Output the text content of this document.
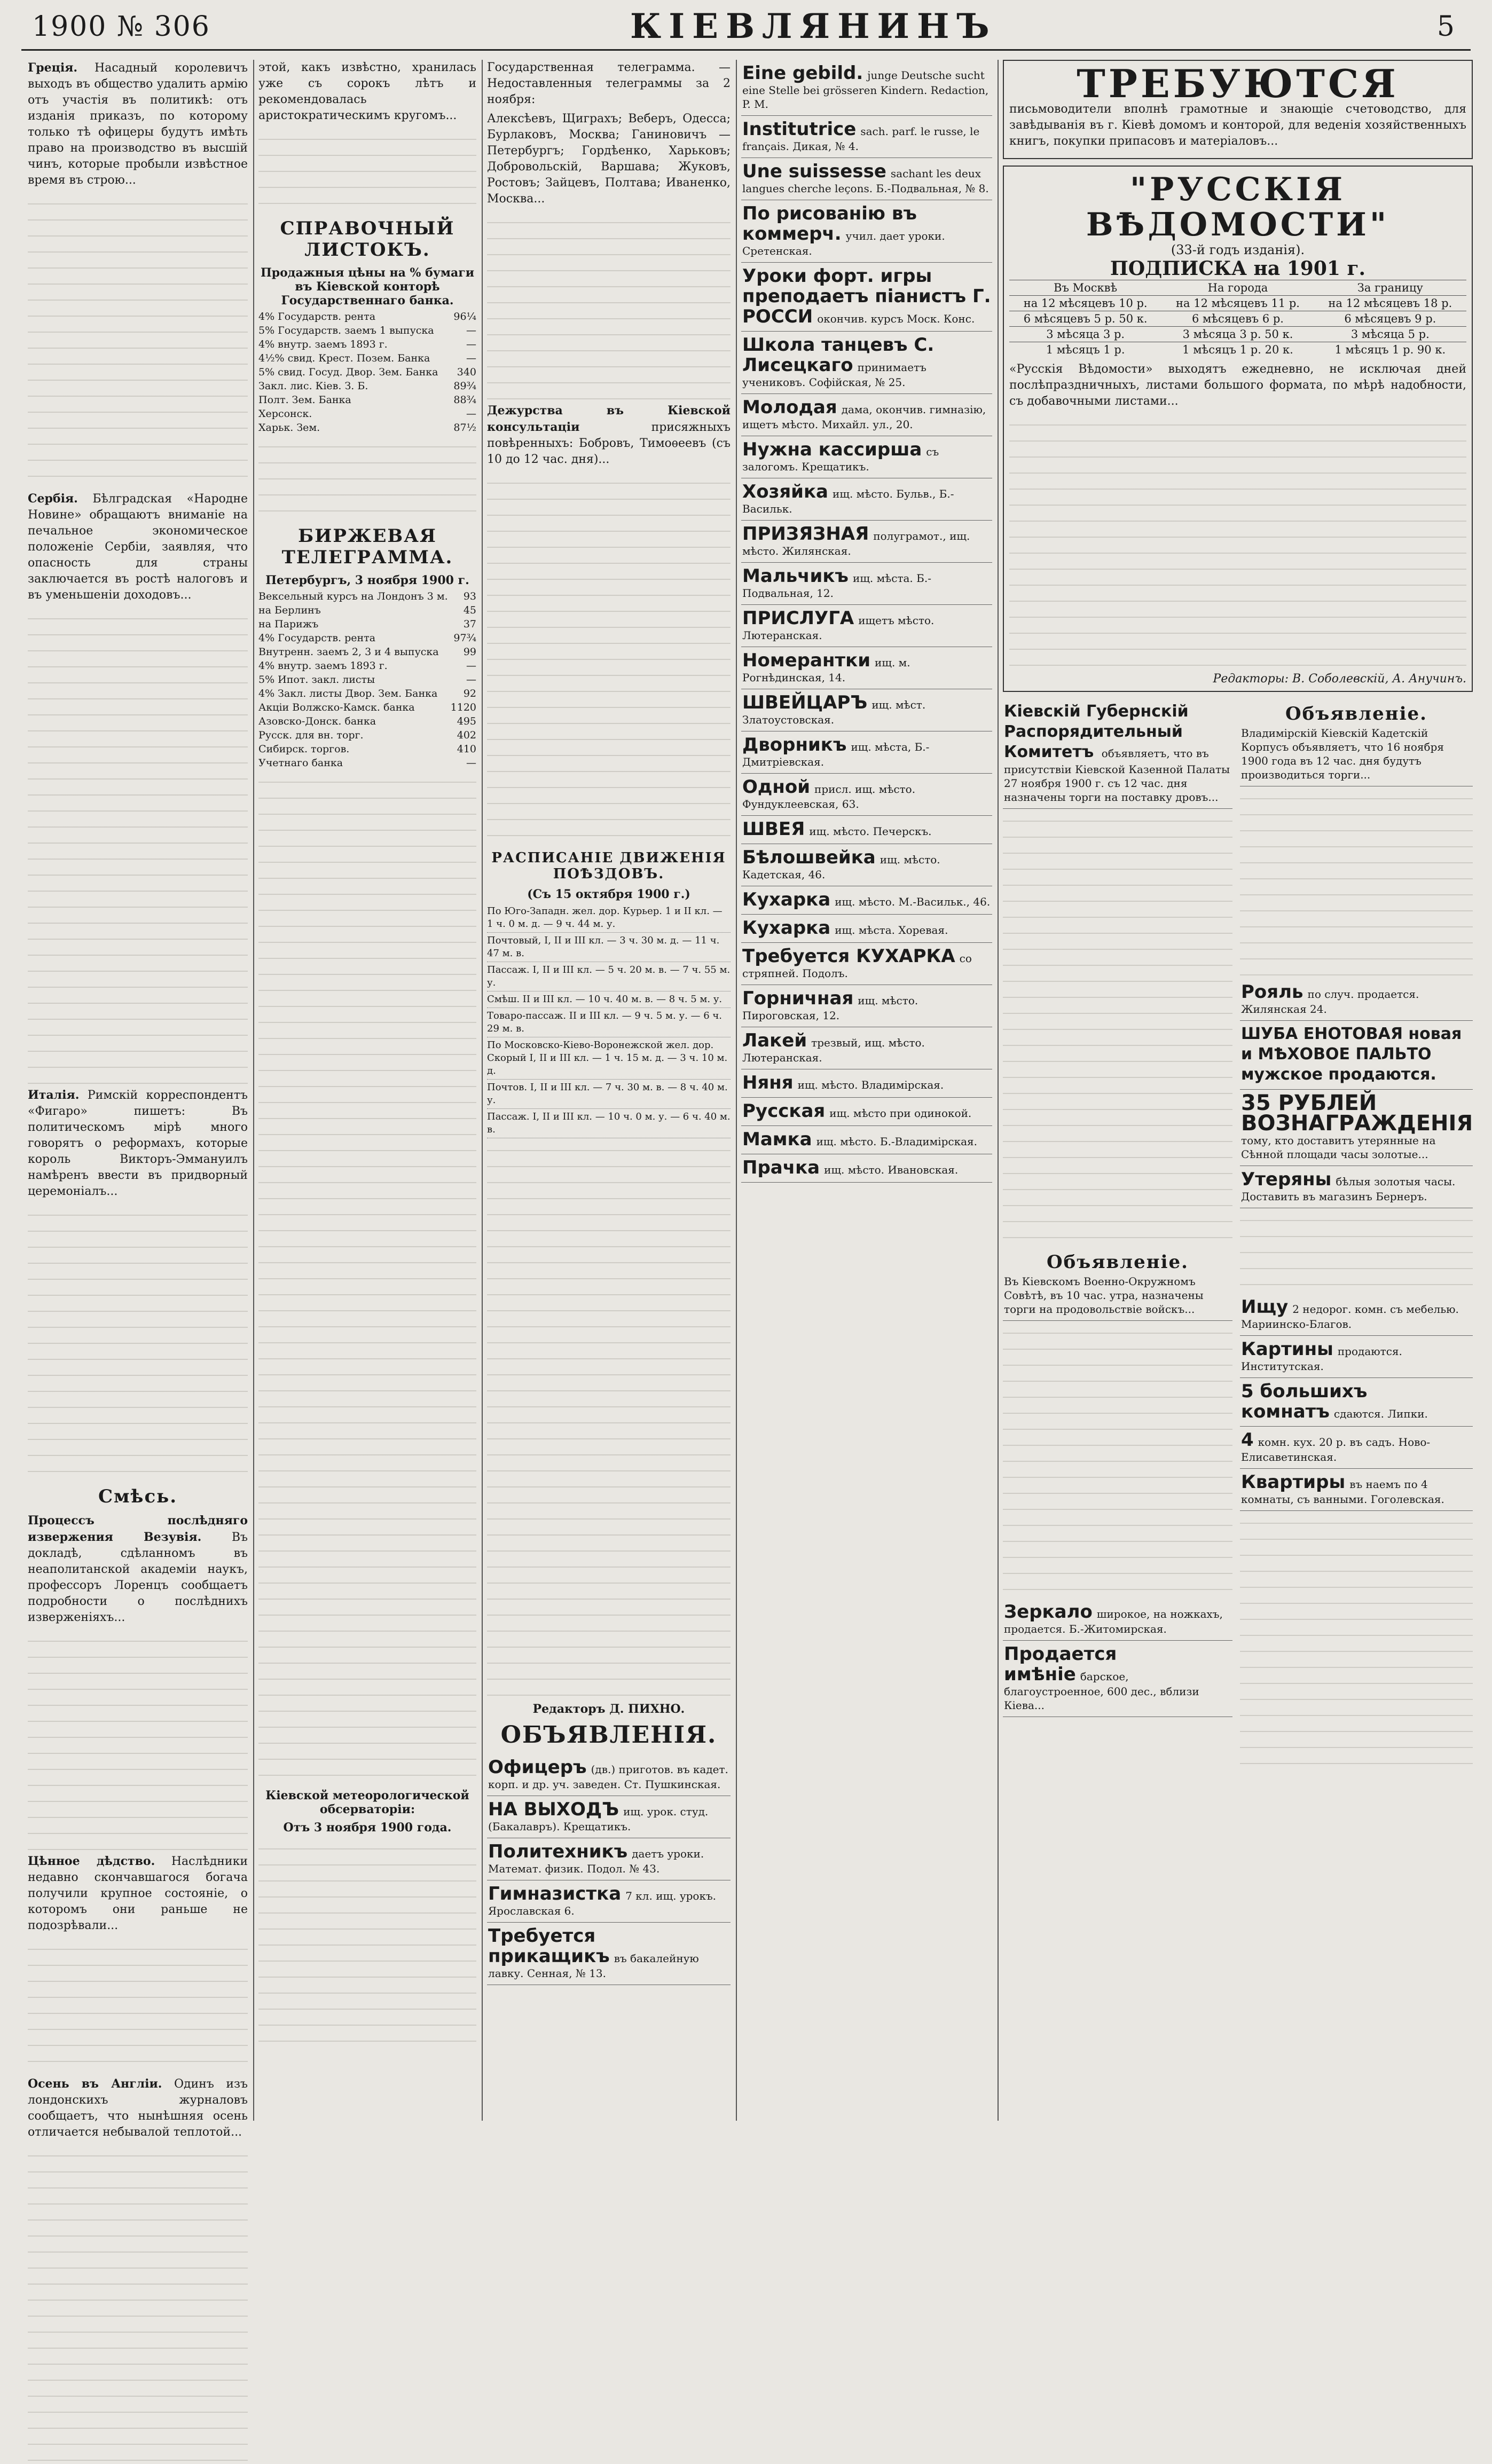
1900 № 306	КІЕВЛЯНИНЪ	5

Греція. Насадный королевичъ выходъ въ общество удалить армію отъ участія въ политикѣ: отъ изданія приказъ, по которому только тѣ офицеры будутъ имѣть право на производство въ высшій чинъ, которые пробыли извѣстное время въ строю...

Сербія. Бѣлградская «Народне Новине» обращаютъ вниманіе на печальное экономическое положеніе Сербіи, заявляя, что опасность для страны заключается въ ростѣ налоговъ и въ уменьшеніи доходовъ...

Италія. Римскій корреспондентъ «Фигаро» пишетъ: Въ политическомъ мірѣ много говорятъ о реформахъ, которые король Викторъ-Эммануилъ намѣренъ ввести въ придворный церемоніалъ...

Смѣсь.

Процессъ послѣдняго извержения Везувія.	Въ докладѣ, сдѣланномъ въ неаполитанской академіи наукъ, профессоръ Лоренцъ сообщаетъ подробности о послѣднихъ изверженіяхъ...

Цѣнное дѣдство. Наслѣдники недавно скончавшагося богача получили крупное состояніе, о которомъ они раньше не подозрѣвали...

Осень въ Англіи. Одинъ изъ лондонскихъ журналовъ сообщаетъ, что нынѣшняя осень отличается небывалой теплотой...

этой, какъ извѣстно, хранилась уже съ сорокъ лѣтъ и рекомендовалась аристократическимъ кругомъ...

СПРАВОЧНЫЙ ЛИСТОКЪ.
Продажныя цѣны на % бумаги въ Кіевской конторѣ Государственнаго банка.
4% Государств. рента	96¼
5% Государств. заемъ 1 выпуска	—
4% внутр. заемъ 1893 г.	—
4½% свид. Крест. Позем. Банка	—
5% свид. Госуд. Двор. Зем. Банка	340
Закл. лис. Кіев. З. Б.	89¾
Полт. Зем. Банка	88¾
Херсонск.	—
Харьк. Зем.	87½
БИРЖЕВАЯ ТЕЛЕГРАММА.
Петербургъ, 3 ноября 1900 г.
Вексельный курсъ на Лондонъ 3 м.	93
на Берлинъ	45
на Парижъ	37
4% Государств. рента	97¾
Внутренн. заемъ 2, 3 и 4 выпуска	99
4% внутр. заемъ 1893 г.	—
5% Ипот. закл. листы	—
4% Закл. листы Двор. Зем. Банка	92
Акціи Волжско-Камск. банка	1120
Азовско-Донск. банка	495
Русск. для вн. торг.	402
Сибирск. торгов.	410
Учетнаго банка	—
Кіевской метеорологической обсерваторіи:
Отъ 3 ноября 1900 года.

Государственная телеграмма. — Недоставленныя телеграммы за 2 ноября:

Алексѣевъ, Щиграхъ; Веберъ, Одесса; Бурлаковъ, Москва; Ганиновичъ — Петербургъ; Гордѣенко, Харьковъ; Добровольскій, Варшава; Жуковъ, Ростовъ; Зайцевъ, Полтава; Иваненко, Москва...

Дежурства въ Кіевской консультаціи	присяжныхъ повѣренныхъ: Бобровъ, Тимоѳеевъ (съ 10 до 12 час. дня)...

РАСПИСАНІЕ ДВИЖЕНІЯ ПОѢЗДОВЪ.
(Съ 15 октября 1900 г.)
По Юго-Западн. жел. дор. Курьер. 1 и II кл. — 1 ч. 0 м. д. — 9 ч. 44 м. у.
Почтовый, I, II и III кл. — 3 ч. 30 м. д. — 11 ч. 47 м. в.
Пассаж. I, II и III кл. — 5 ч. 20 м. в. — 7 ч. 55 м. у.
Смѣш. II и III кл. — 10 ч. 40 м. в. — 8 ч. 5 м. у.
Товаро-пассаж. II и III кл. — 9 ч. 5 м. у. — 6 ч. 29 м. в.
По Московско-Кіево-Воронежской жел. дор. Скорый I, II и III кл. — 1 ч. 15 м. д. — 3 ч. 10 м. д.
Почтов. I, II и III кл. — 7 ч. 30 м. в. — 8 ч. 40 м. у.
Пассаж. I, II и III кл. — 10 ч. 0 м. у. — 6 ч. 40 м. в.
Редакторъ Д. ПИХНО.
ОБЪЯВЛЕНІЯ.
Офицеръ (дв.) приготов. въ кадет. корп. и др. уч. заведен. Ст. Пушкинская.
НА ВЫХОДЪ ищ. урок. студ. (Бакалавръ). Крещатикъ.
Политехникъ даетъ уроки. Математ. физик. Подол. № 43.
Гимназистка 7 кл. ищ. урокъ. Ярославская 6.
Требуется прикащикъ въ бакалейную лавку. Сенная, № 13.
Eine gebild. junge Deutsche sucht eine Stelle bei grösseren Kindern. Redaction, P. M.
Institutrice sach. parf. le russe, le français. Дикая, № 4.
Une suissesse sachant les deux langues cherche leçons. Б.-Подвальная, № 8.
По рисованію въ коммерч. учил. дает уроки. Сретенская.
Уроки форт. игры преподаетъ піанистъ Г. РОССИ окончив. курсъ Моск. Конс.
Школа танцевъ С. Лисецкаго принимаетъ учениковъ. Софійская, № 25.
Молодая дама, окончив. гимназію, ищетъ мѣсто. Михайл. ул., 20.
Нужна кассирша съ залогомъ. Крещатикъ.
Хозяйка ищ. мѣсто. Бульв., Б.-Васильк.
ПРИЗЯЗНАЯ полуграмот., ищ. мѣсто. Жилянская.
Мальчикъ ищ. мѣста. Б.-Подвальная, 12.
ПРИСЛУГА ищетъ мѣсто. Лютеранская.
Номерантки ищ. м. Рогнѣдинская, 14.
ШВЕЙЦАРЪ ищ. мѣст. Златоустовская.
Дворникъ ищ. мѣста, Б.-Дмитріевская.
Одной присл. ищ. мѣсто. Фундуклеевская, 63.
ШВЕЯ ищ. мѣсто. Печерскъ.
Бѣлошвейка ищ. мѣсто. Кадетская, 46.
Кухарка ищ. мѣсто. М.-Васильк., 46.
Кухарка ищ. мѣста. Хоревая.
Требуется КУХАРКА со стряпней. Подолъ.
Горничная ищ. мѣсто. Пироговская, 12.
Лакей трезвый, ищ. мѣсто. Лютеранская.
Няня ищ. мѣсто. Владимірская.
Русская ищ. мѣсто при одинокой.
Мамка ищ. мѣсто. Б.-Владимірская.
Прачка ищ. мѣсто. Ивановская.
ТРЕБУЮТСЯ

письмоводители вполнѣ грамотные и знающіе счетоводство, для завѣдыванія въ г. Кіевѣ домомъ и конторой, для веденія хозяйственныхъ книгъ, покупки припасовъ и матеріаловъ...

"РУССКІЯ ВѢДОМОСТИ"
(33-й годъ изданія).
ПОДПИСКА на 1901 г.
Въ Москвѣ	На города	За границу
на 12 мѣсяцевъ 10 р.	на 12 мѣсяцевъ 11 р.	на 12 мѣсяцевъ 18 р.
6 мѣсяцевъ 5 р. 50 к.	6 мѣсяцевъ 6 р.	6 мѣсяцевъ 9 р.
3 мѣсяца 3 р.	3 мѣсяца 3 р. 50 к.	3 мѣсяца 5 р.
1 мѣсяцъ 1 р.	1 мѣсяцъ 1 р. 20 к.	1 мѣсяцъ 1 р. 90 к.

«Русскія Вѣдомости» выходятъ ежедневно, не исключая дней послѣпраздничныхъ, листами большого формата, по мѣрѣ надобности, съ добавочными листами...

Редакторы: В. Соболевскій, А. Анучинъ.
Кіевскій Губернскій Распорядительный Комитетъ объявляетъ, что въ присутствіи Кіевской Казенной Палаты 27 ноября 1900 г. съ 12 час. дня назначены торги на поставку дровъ...
Объявленіе.
Въ Кіевскомъ Военно-Окружномъ Совѣтѣ, въ 10 час. утра, назначены торги на продовольствіе войскъ...
Зеркало широкое, на ножкахъ, продается. Б.-Житомирская.
Продается имѣніе барское, благоустроенное, 600 дес., вблизи Кіева...
Объявленіе.
Владимірскій Кіевскій Кадетскій Корпусъ объявляетъ, что 16 ноября 1900 года въ 12 час. дня будутъ производиться торги...
Рояль по случ. продается. Жилянская 24.
ШУБА ЕНОТОВАЯ новая и МѢХОВОЕ ПАЛЬТО мужское продаются.
35 РУБЛЕЙ ВОЗНАГРАЖДЕНІЯ тому, кто доставитъ утерянные на Сѣнной площади часы золотые...
Утеряны бѣлыя золотыя часы. Доставить въ магазинъ Бернеръ.
Ищу 2 недорог. комн. съ мебелью. Мариинско-Благов.
Картины продаются. Институтская.
5 большихъ комнатъ сдаются. Липки.
4 комн. кух. 20 р. въ садъ. Ново-Елисаветинская.
Квартиры въ наемъ по 4 комнаты, съ ванными. Гоголевская.
